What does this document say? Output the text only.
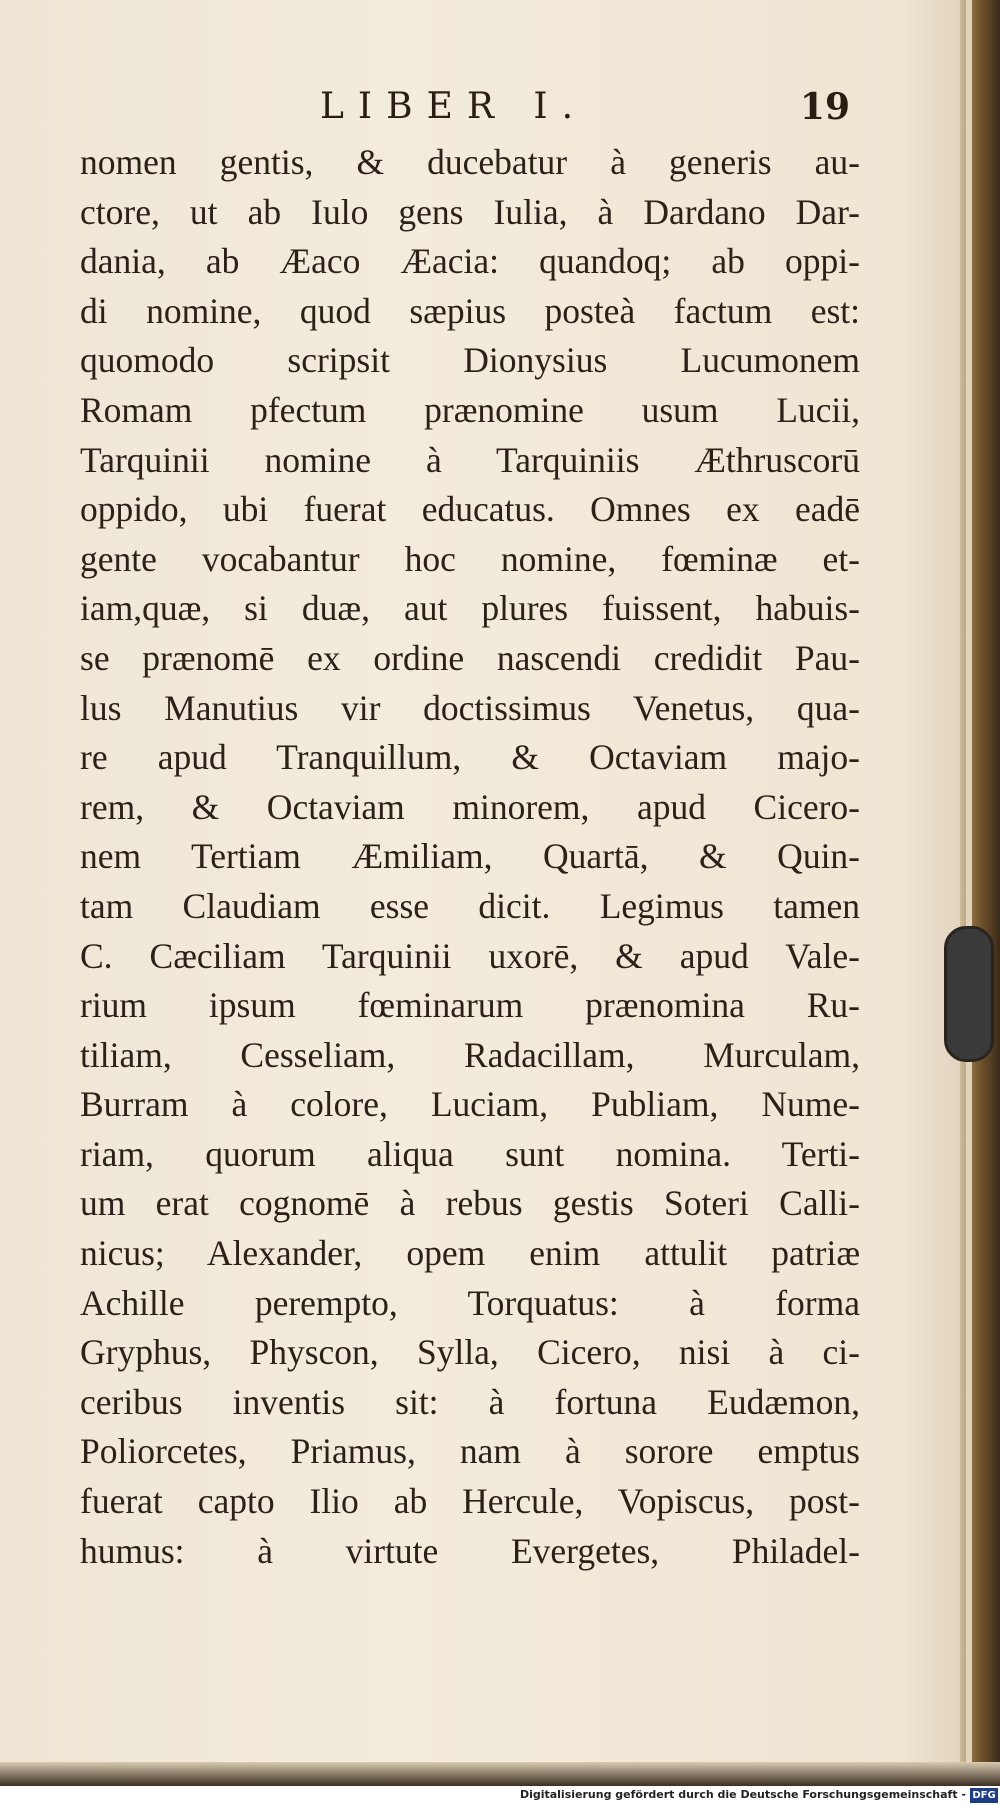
LIBER I.	19
nomen gentis, & ducebatur à generis au-
ctore, ut ab Iulo gens Iulia, à Dardano Dar-
dania, ab Æaco Æacia: quandoq; ab oppi-
di nomine, quod sæpius posteà factum est:
quomodo scripsit Dionysius Lucumonem
Romam pfectum prænomine usum Lucii,
Tarquinii nomine à Tarquiniis Æthruscorū
oppido, ubi fuerat educatus. Omnes ex eadē
gente vocabantur hoc nomine, fœminæ et-
iam,quæ, si duæ, aut plures fuissent, habuis-
se prænomē ex ordine nascendi credidit Pau-
lus Manutius vir doctissimus Venetus, qua-
re apud Tranquillum, & Octaviam majo-
rem, & Octaviam minorem, apud Cicero-
nem Tertiam Æmiliam, Quartā, & Quin-
tam Claudiam esse dicit. Legimus tamen
C. Cæciliam Tarquinii uxorē, & apud Vale-
rium ipsum fœminarum prænomina Ru-
tiliam, Cesseliam, Radacillam, Murculam,
Burram à colore, Luciam, Publiam, Nume-
riam, quorum aliqua sunt nomina. Terti-
um erat cognomē à rebus gestis Soteri Calli-
nicus; Alexander, opem enim attulit patriæ
Achille perempto, Torquatus: à forma
Gryphus, Physcon, Sylla, Cicero, nisi à ci-
ceribus inventis sit: à fortuna Eudæmon,
Poliorcetes, Priamus, nam à sorore emptus
fuerat capto Ilio ab Hercule, Vopiscus, post-
humus: à virtute Evergetes, Philadel-
Digitalisierung gefördert durch die Deutsche Forschungsgemeinschaft - DFG
